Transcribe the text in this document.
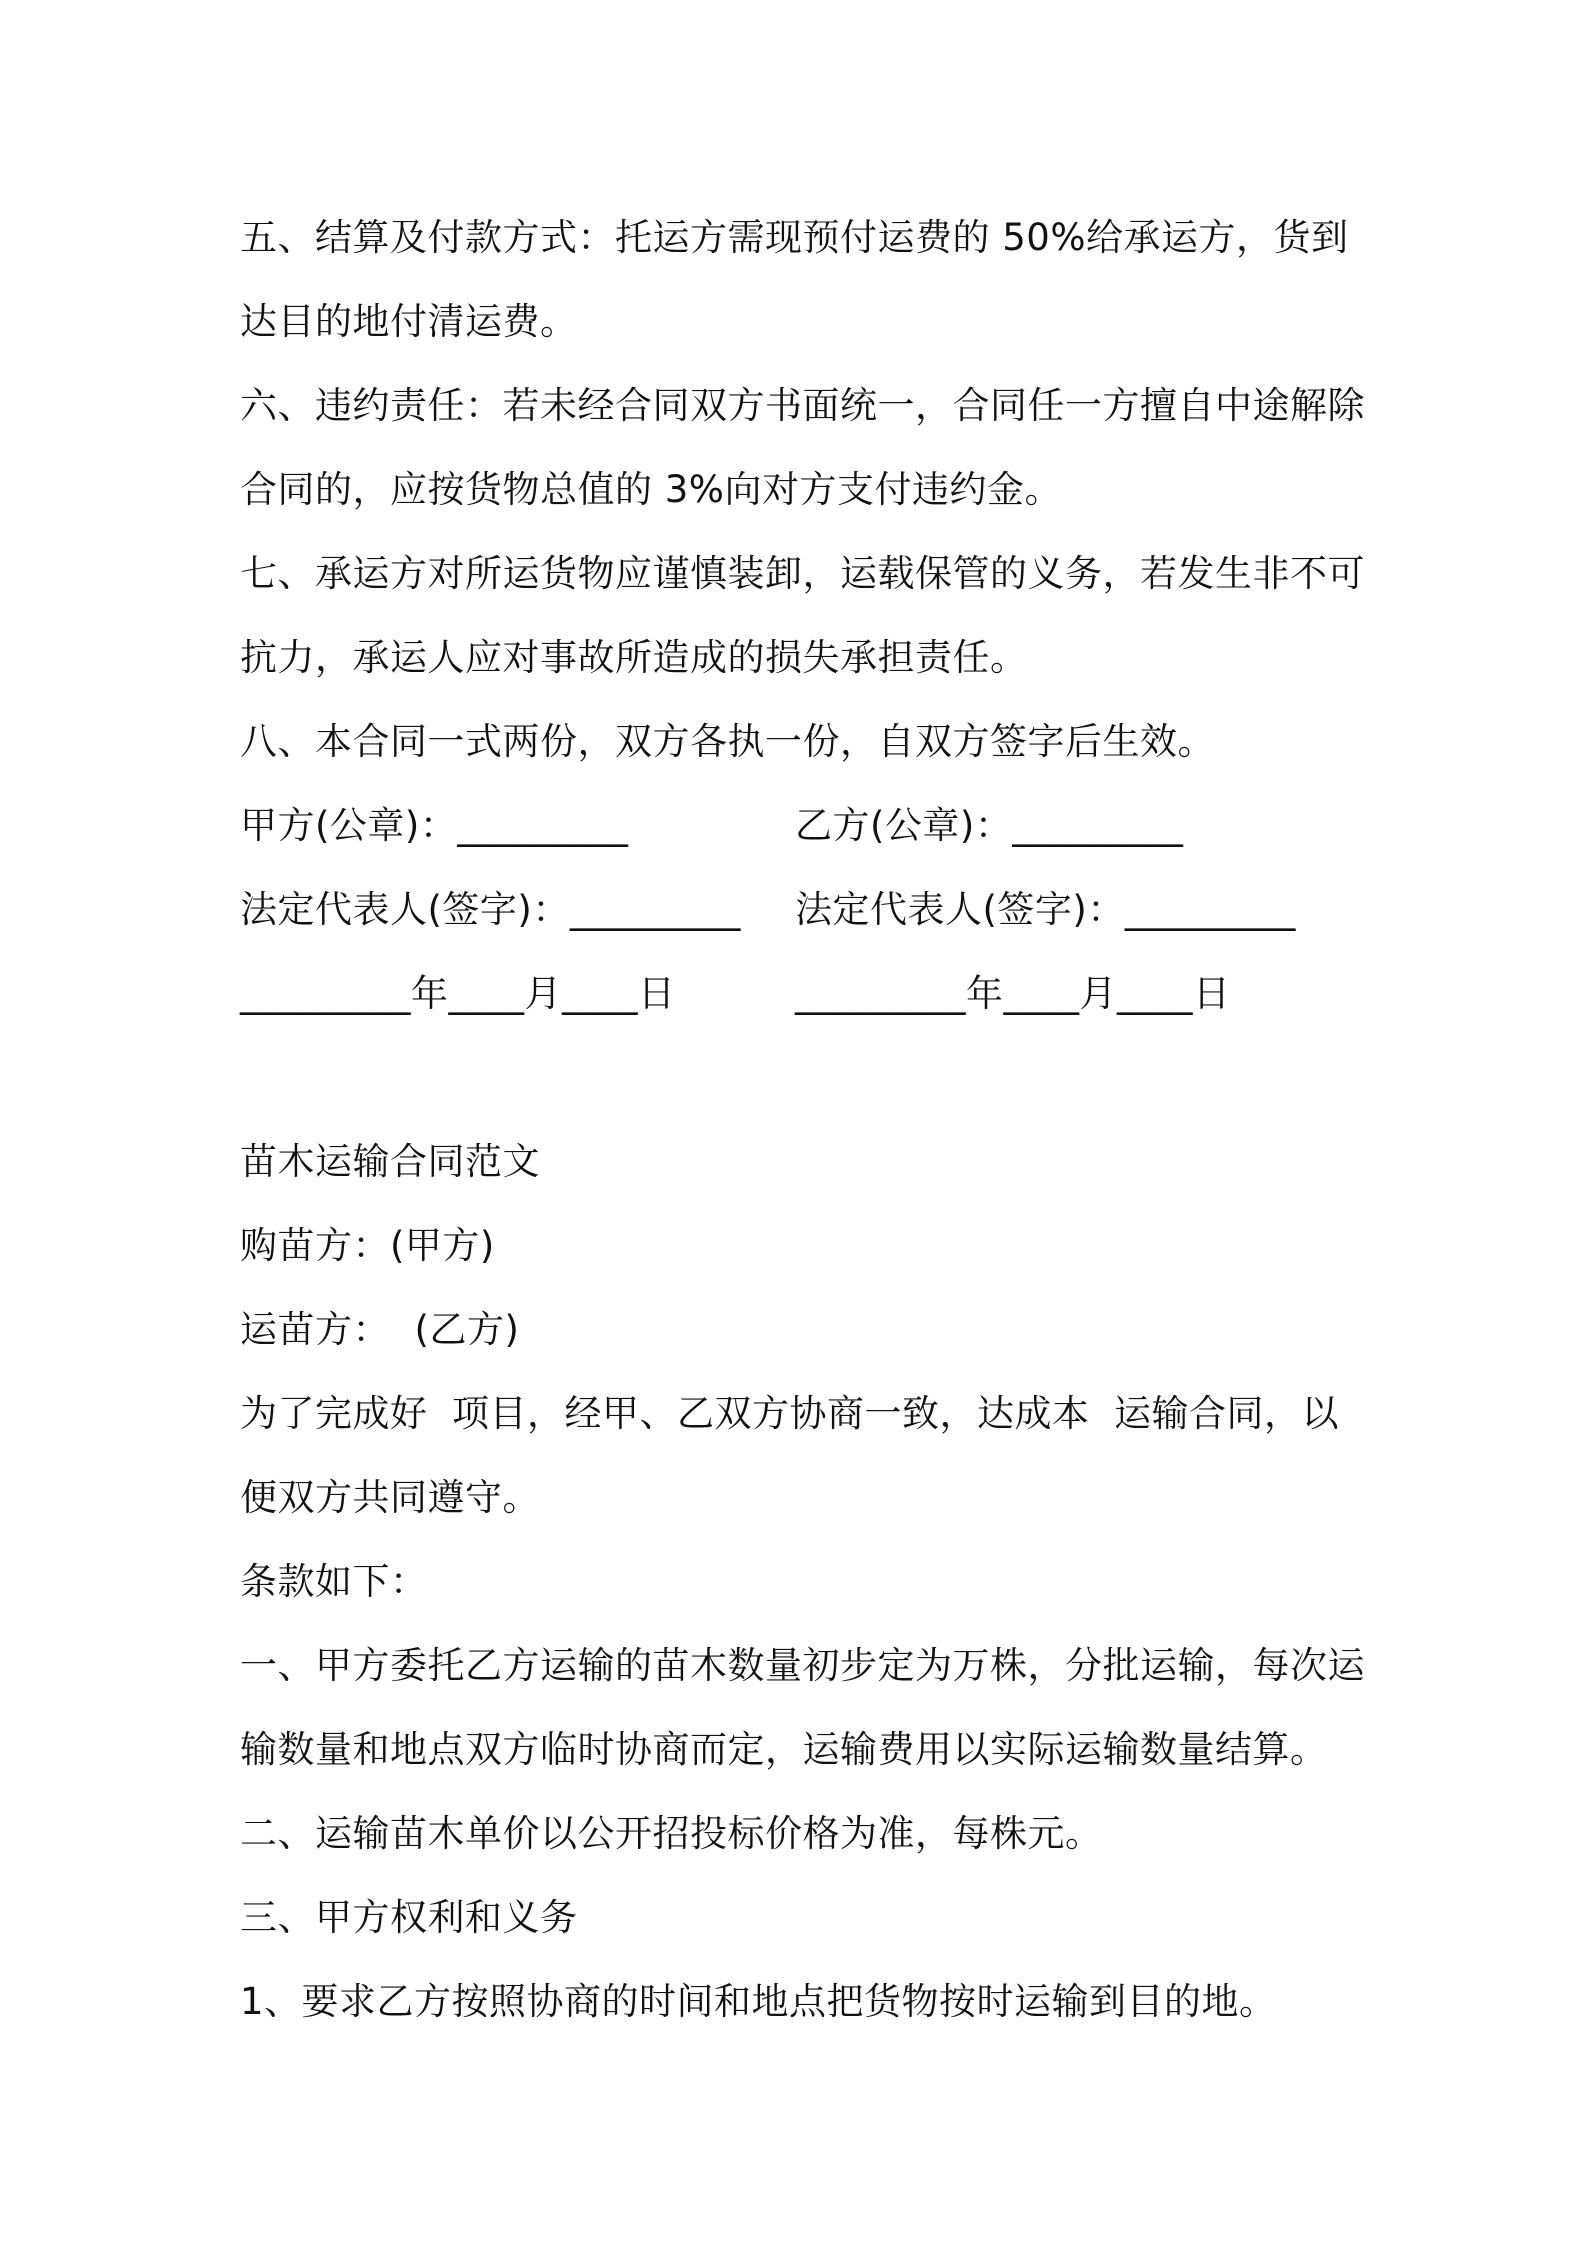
五、结算及付款方式：托运方需现预付运费的 50%给承运方，货到达目的地付清运费。

六、违约责任：若未经合同双方书面统一，合同任一方擅自中途解除合同的，应按货物总值的 3%向对方支付违约金。

七、承运方对所运货物应谨慎装卸，运载保管的义务，若发生非不可抗力，承运人应对事故所造成的损失承担责任。

八、本合同一式两份，双方各执一份，自双方签字后生效。

甲方(公章)：_________	乙方(公章)：_________
法定代表人(签字)：_________	法定代表人(签字)：_________
_________年____月____日	_________年____月____日

苗木运输合同范文

购苗方：(甲方)

运苗方：  (乙方)

为了完成好  项目，经甲、乙双方协商一致，达成本  运输合同，以便双方共同遵守。

条款如下：

一、甲方委托乙方运输的苗木数量初步定为万株，分批运输，每次运输数量和地点双方临时协商而定，运输费用以实际运输数量结算。

二、运输苗木单价以公开招投标价格为准，每株元。

三、甲方权利和义务

1、要求乙方按照协商的时间和地点把货物按时运输到目的地。
